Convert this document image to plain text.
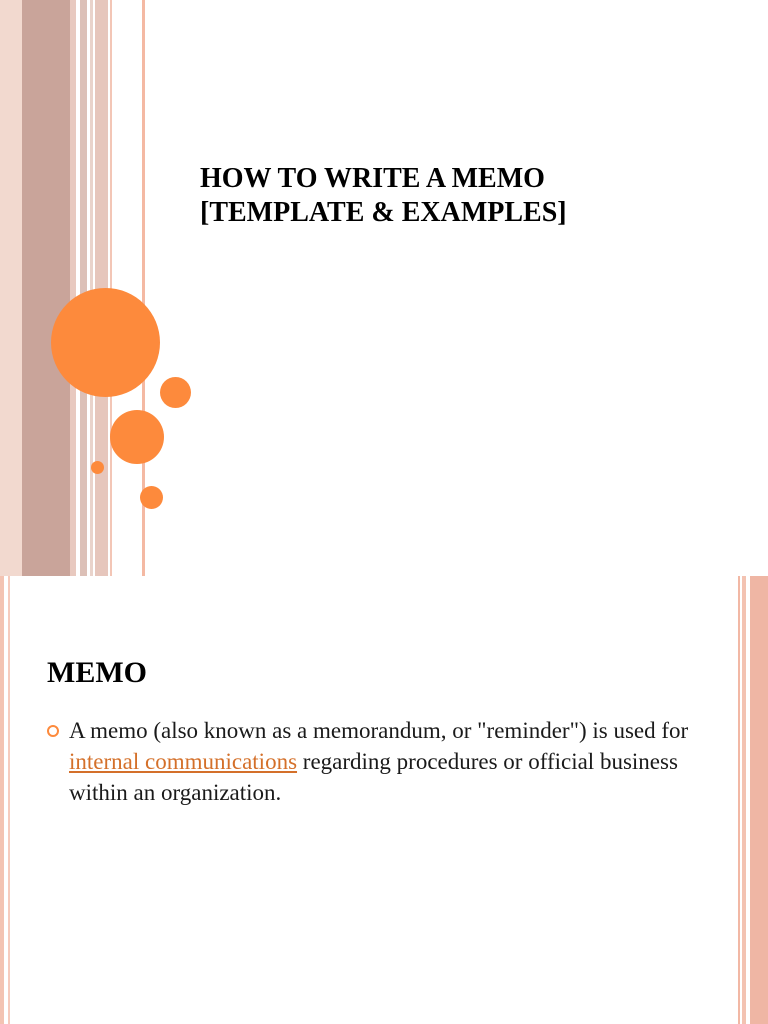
HOW TO WRITE A MEMO
[TEMPLATE & EXAMPLES]
MEMO

A memo (also known as a memorandum, or "reminder") is used for internal communications regarding procedures or official business within an organization.
